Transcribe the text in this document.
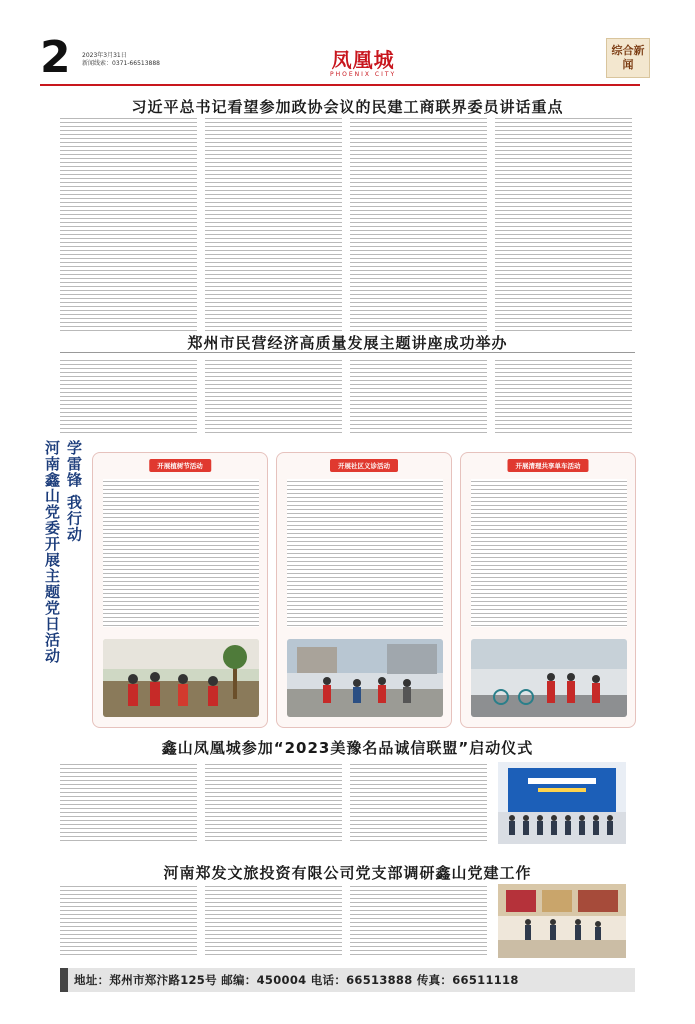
2 2023年3月31日
新闻线索：0371-66513888	凤凰城
PHOENIX CITY
综合新闻
习近平总书记看望参加政协会议的民建工商联界委员讲话重点
郑州市民营经济高质量发展主题讲座成功举办
学雷锋 我行动
河南鑫山党委开展主题党日活动	开展植树节活动	开展社区义诊活动	开展清理共享单车活动
鑫山凤凰城参加“2023美豫名品诚信联盟”启动仪式
河南郑发文旅投资有限公司党支部调研鑫山党建工作
地址：郑州市郑汴路125号 邮编：450004 电话：66513888 传真：66511118
